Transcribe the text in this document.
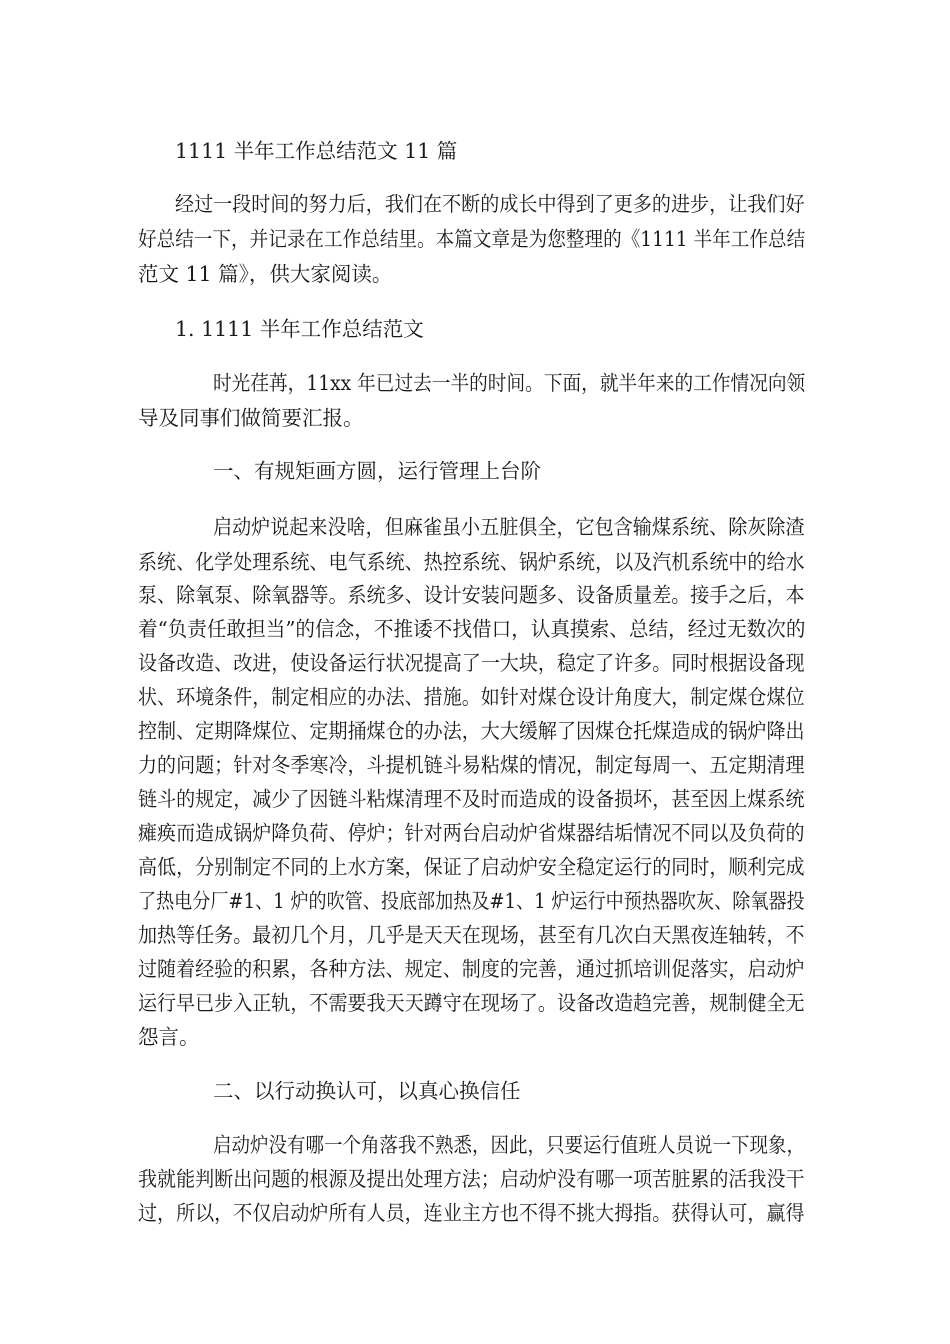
1111 半年工作总结范文 11 篇

经过一段时间的努力后，我们在不断的成长中得到了更多的进步，让我们好

好总结一下，并记录在工作总结里。本篇文章是为您整理的《1111 半年工作总结

范文 11 篇》，供大家阅读。

1. 1111 半年工作总结范文

时光荏苒，11xx 年已过去一半的时间。下面，就半年来的工作情况向领

导及同事们做简要汇报。

一、有规矩画方圆，运行管理上台阶

启动炉说起来没啥，但麻雀虽小五脏俱全，它包含输煤系统、除灰除渣

系统、化学处理系统、电气系统、热控系统、锅炉系统，以及汽机系统中的给水

泵、除氧泵、除氧器等。系统多、设计安装问题多、设备质量差。接手之后，本

着“负责任敢担当”的信念，不推诿不找借口，认真摸索、总结，经过无数次的

设备改造、改进，使设备运行状况提高了一大块，稳定了许多。同时根据设备现

状、环境条件，制定相应的办法、措施。如针对煤仓设计角度大，制定煤仓煤位

控制、定期降煤位、定期捅煤仓的办法，大大缓解了因煤仓托煤造成的锅炉降出

力的问题；针对冬季寒冷，斗提机链斗易粘煤的情况，制定每周一、五定期清理

链斗的规定，减少了因链斗粘煤清理不及时而造成的设备损坏，甚至因上煤系统

瘫痪而造成锅炉降负荷、停炉；针对两台启动炉省煤器结垢情况不同以及负荷的

高低，分别制定不同的上水方案，保证了启动炉安全稳定运行的同时，顺利完成

了热电分厂#1、1 炉的吹管、投底部加热及#1、1 炉运行中预热器吹灰、除氧器投

加热等任务。最初几个月，几乎是天天在现场，甚至有几次白天黑夜连轴转，不

过随着经验的积累，各种方法、规定、制度的完善，通过抓培训促落实，启动炉

运行早已步入正轨，不需要我天天蹲守在现场了。设备改造趋完善，规制健全无

怨言。

二、以行动换认可，以真心换信任

启动炉没有哪一个角落我不熟悉，因此，只要运行值班人员说一下现象，

我就能判断出问题的根源及提出处理方法；启动炉没有哪一项苦脏累的活我没干

过，所以，不仅启动炉所有人员，连业主方也不得不挑大拇指。获得认可，赢得
